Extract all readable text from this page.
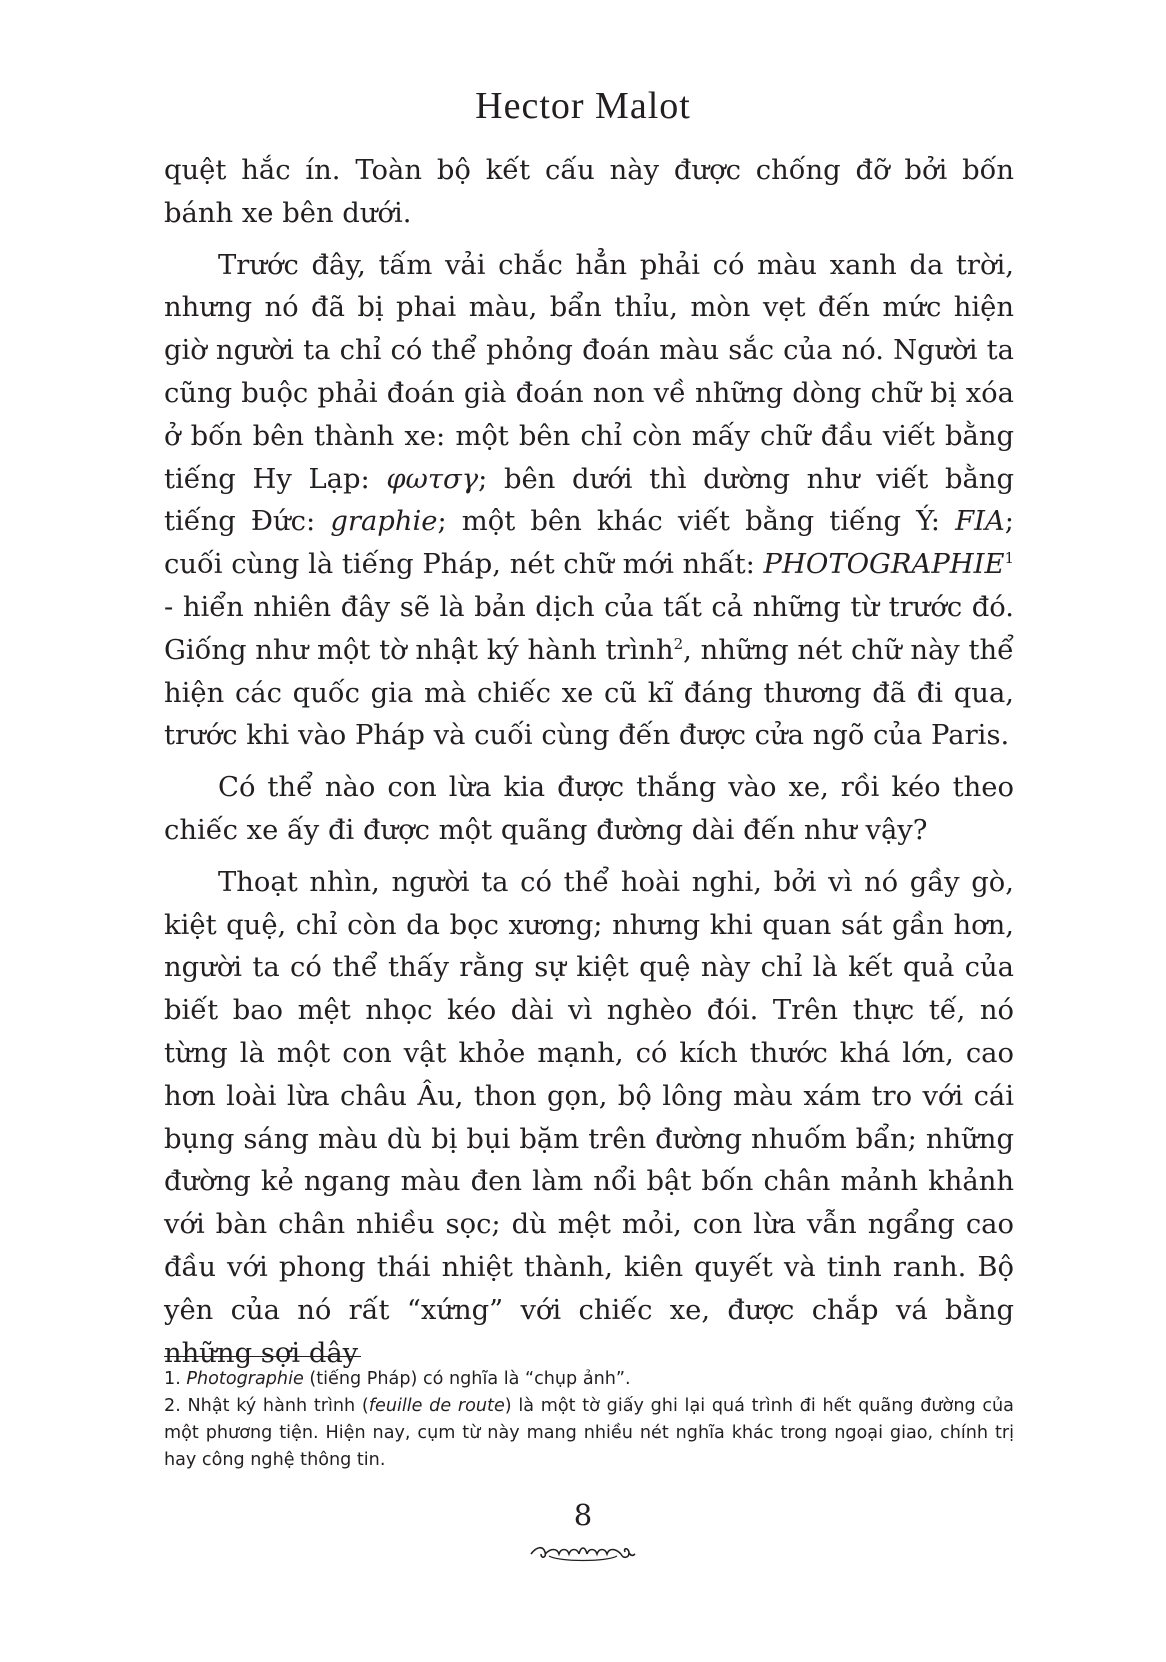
Hector Malot

quệt hắc ín. Toàn bộ kết cấu này được chống đỡ bởi bốn bánh xe bên dưới.

Trước đây, tấm vải chắc hẳn phải có màu xanh da trời, nhưng nó đã bị phai màu, bẩn thỉu, mòn vẹt đến mức hiện giờ người ta chỉ có thể phỏng đoán màu sắc của nó. Người ta cũng buộc phải đoán già đoán non về những dòng chữ bị xóa ở bốn bên thành xe: một bên chỉ còn mấy chữ đầu viết bằng tiếng Hy Lạp: φωτσγ; bên dưới thì dường như viết bằng tiếng Đức: graphie; một bên khác viết bằng tiếng Ý: FIA; cuối cùng là tiếng Pháp, nét chữ mới nhất: PHOTOGRAPHIE$^1$ - hiển nhiên đây sẽ là bản dịch của tất cả những từ trước đó. Giống như một tờ nhật ký hành trình$^2$, những nét chữ này thể hiện các quốc gia mà chiếc xe cũ kĩ đáng thương đã đi qua, trước khi vào Pháp và cuối cùng đến được cửa ngõ của Paris.

Có thể nào con lừa kia được thắng vào xe, rồi kéo theo chiếc xe ấy đi được một quãng đường dài đến như vậy?

Thoạt nhìn, người ta có thể hoài nghi, bởi vì nó gầy gò, kiệt quệ, chỉ còn da bọc xương; nhưng khi quan sát gần hơn, người ta có thể thấy rằng sự kiệt quệ này chỉ là kết quả của biết bao mệt nhọc kéo dài vì nghèo đói. Trên thực tế, nó từng là một con vật khỏe mạnh, có kích thước khá lớn, cao hơn loài lừa châu Âu, thon gọn, bộ lông màu xám tro với cái bụng sáng màu dù bị bụi bặm trên đường nhuốm bẩn; những đường kẻ ngang màu đen làm nổi bật bốn chân mảnh khảnh với bàn chân nhiều sọc; dù mệt mỏi, con lừa vẫn ngẩng cao đầu với phong thái nhiệt thành, kiên quyết và tinh ranh. Bộ yên của nó rất “xứng” với chiếc xe, được chắp vá bằng những sợi dây

1. Photographie (tiếng Pháp) có nghĩa là “chụp ảnh”.

2. Nhật ký hành trình (feuille de route) là một tờ giấy ghi lại quá trình đi hết quãng đường của một phương tiện. Hiện nay, cụm từ này mang nhiều nét nghĩa khác trong ngoại giao, chính trị hay công nghệ thông tin.

8
